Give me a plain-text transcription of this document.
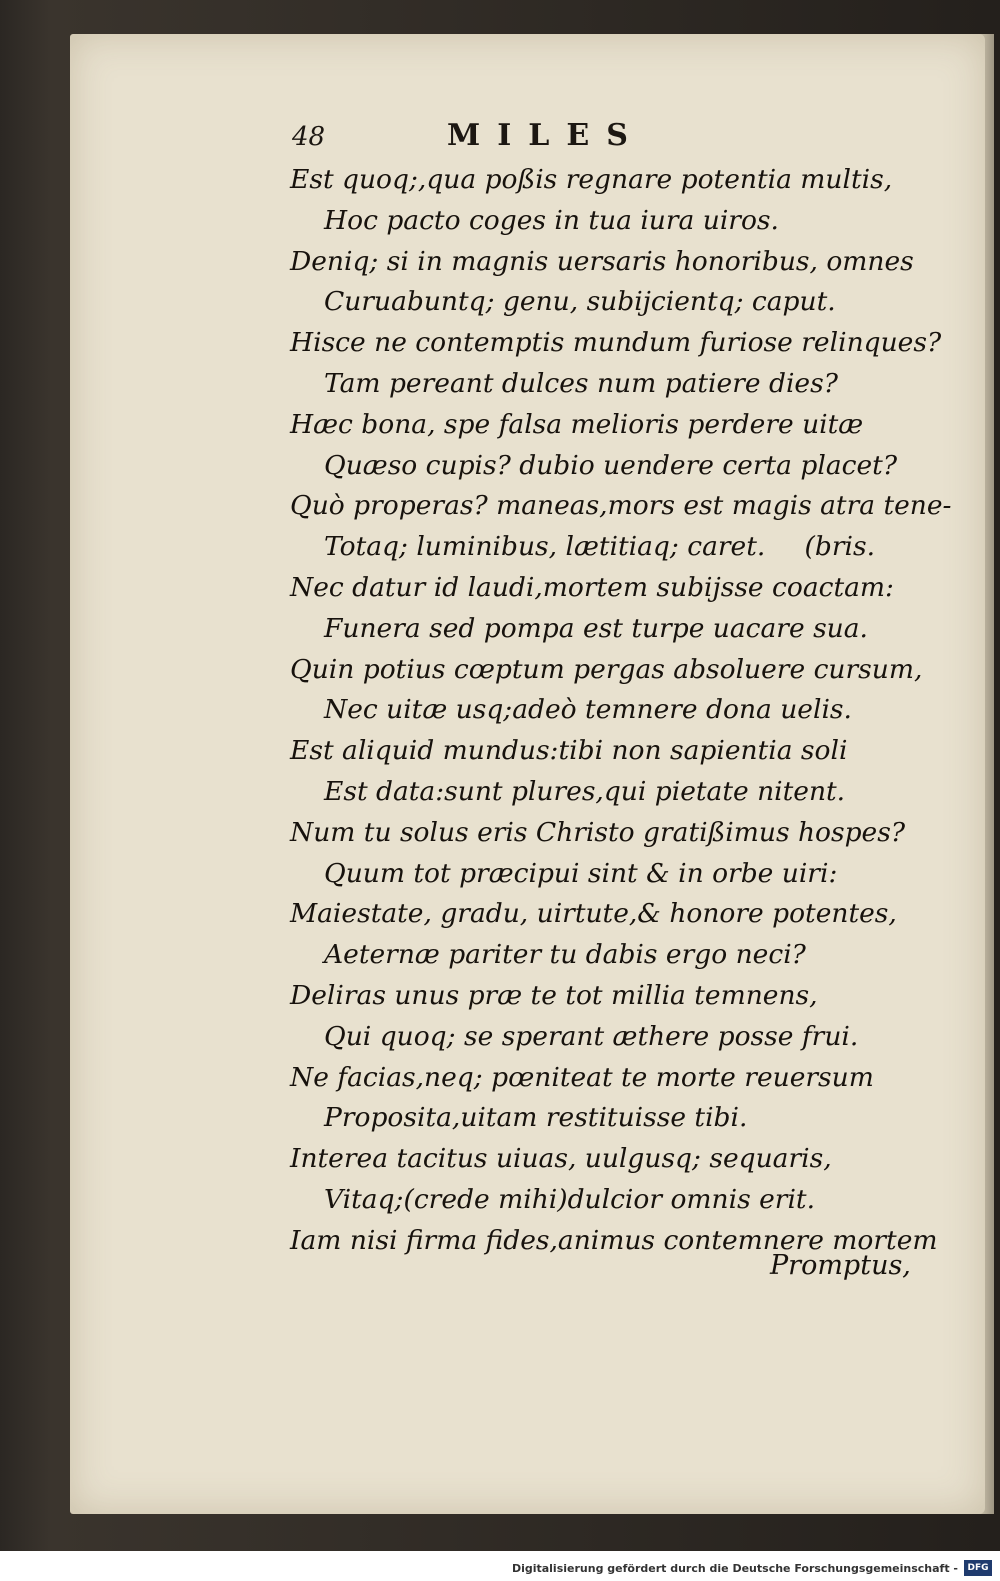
48	MILES
Est quoq;,qua poßis regnare potentia multis,
Hoc pacto coges in tua iura uiros.
Deniq; si in magnis uersaris honoribus, omnes
Curuabuntq; genu, subijcientq; caput.
Hisce ne contemptis mundum furiose relinques?
Tam pereant dulces num patiere dies?
Hæc bona, spe falsa melioris perdere uitæ
Quæso cupis? dubio uendere certa placet?
Quò properas? maneas,mors est magis atra tene-
Totaq; luminibus, lætitiaq; caret.	(bris.
Nec datur id laudi,mortem subijsse coactam:
Funera sed pompa est turpe uacare sua.
Quin potius cœptum pergas absoluere cursum,
Nec uitæ usq;adeò temnere dona uelis.
Est aliquid mundus:tibi non sapientia soli
Est data:sunt plures,qui pietate nitent.
Num tu solus eris Christo gratißimus hospes?
Quum tot præcipui sint & in orbe uiri:
Maiestate, gradu, uirtute,& honore potentes,
Aeternæ pariter tu dabis ergo neci?
Deliras unus præ te tot millia temnens,
Qui quoq; se sperant æthere posse frui.
Ne facias,neq; pœniteat te morte reuersum
Proposita,uitam restituisse tibi.
Interea tacitus uiuas, uulgusq; sequaris,
Vitaq;(crede mihi)dulcior omnis erit.
Iam nisi firma fides,animus contemnere mortem
Promptus,
Digitalisierung gefördert durch die Deutsche Forschungsgemeinschaft -	DFG
